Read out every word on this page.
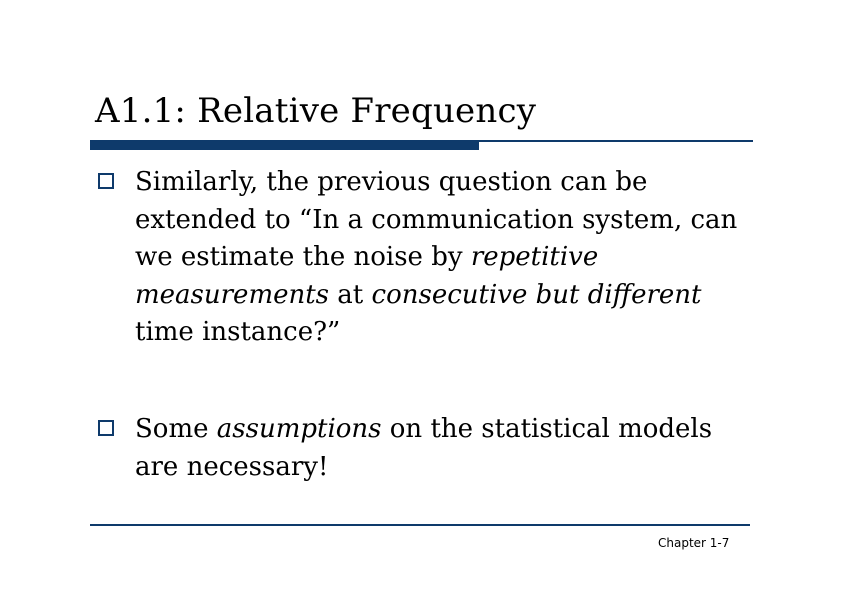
A1.1: Relative Frequency
Similarly, the previous question can be extended to “In a communication system, can we estimate the noise by repetitive measurements at consecutive but different time instance?”
Some assumptions on the statistical models are necessary!
Chapter 1-7
